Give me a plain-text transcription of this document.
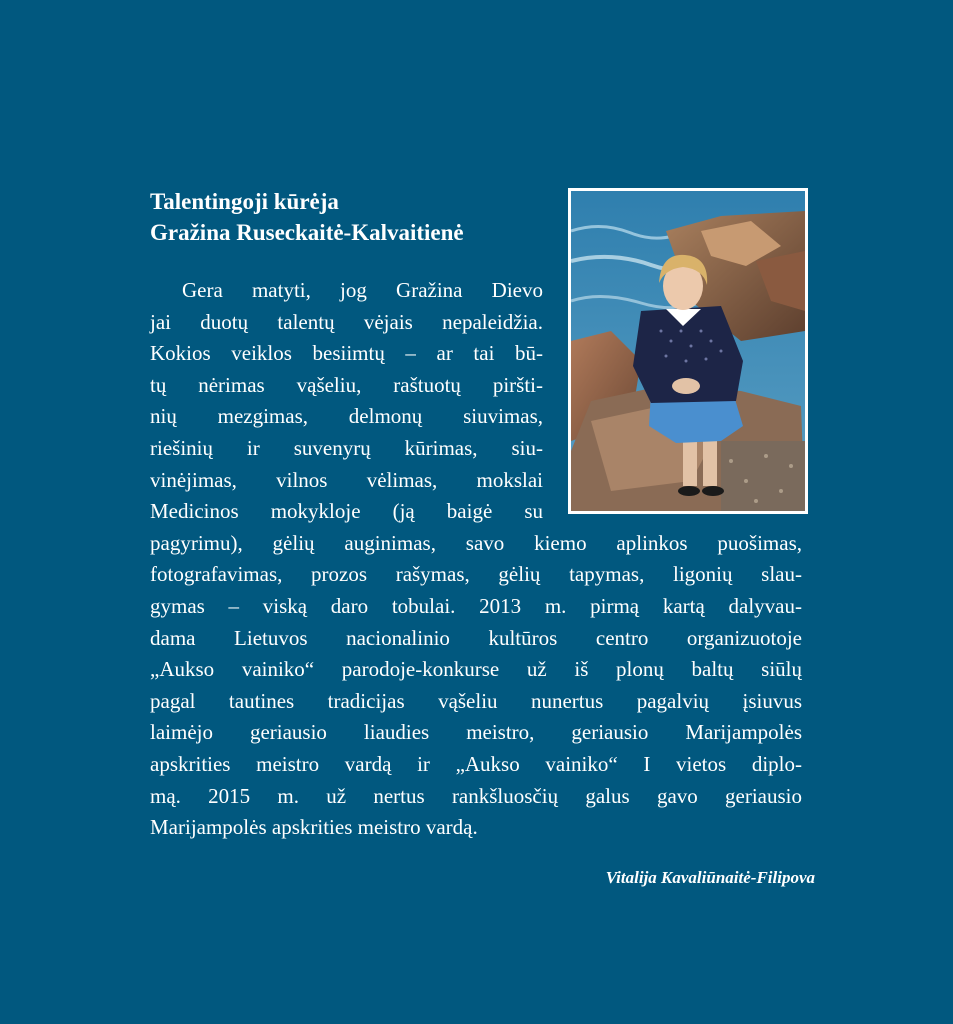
Talentingoji kūrėja
Gražina Ruseckaitė-Kalvaitienė
Gera matyti, jog Gražina Dievo
jai duotų talentų vėjais nepaleidžia.
Kokios veiklos besiimtų – ar tai bū-
tų nėrimas vąšeliu, raštuotų piršti-
nių mezgimas, delmonų siuvimas,
riešinių ir suvenyrų kūrimas, siu-
vinėjimas, vilnos vėlimas, mokslai
Medicinos mokykloje (ją baigė su
pagyrimu), gėlių auginimas, savo kiemo aplinkos puošimas,
fotografavimas, prozos rašymas, gėlių tapymas, ligonių slau-
gymas – viską daro tobulai. 2013 m. pirmą kartą dalyvau-
dama Lietuvos nacionalinio kultūros centro organizuotoje
„Aukso vainiko“ parodoje-konkurse už iš plonų baltų siūlų
pagal tautines tradicijas vąšeliu nunertus pagalvių įsiuvus
laimėjo geriausio liaudies meistro, geriausio Marijampolės
apskrities meistro vardą ir „Aukso vainiko“ I vietos diplo-
mą. 2015 m. už nertus rankšluosčių galus gavo geriausio
Marijampolės apskrities meistro vardą.
Vitalija Kavaliūnaitė-Filipova
